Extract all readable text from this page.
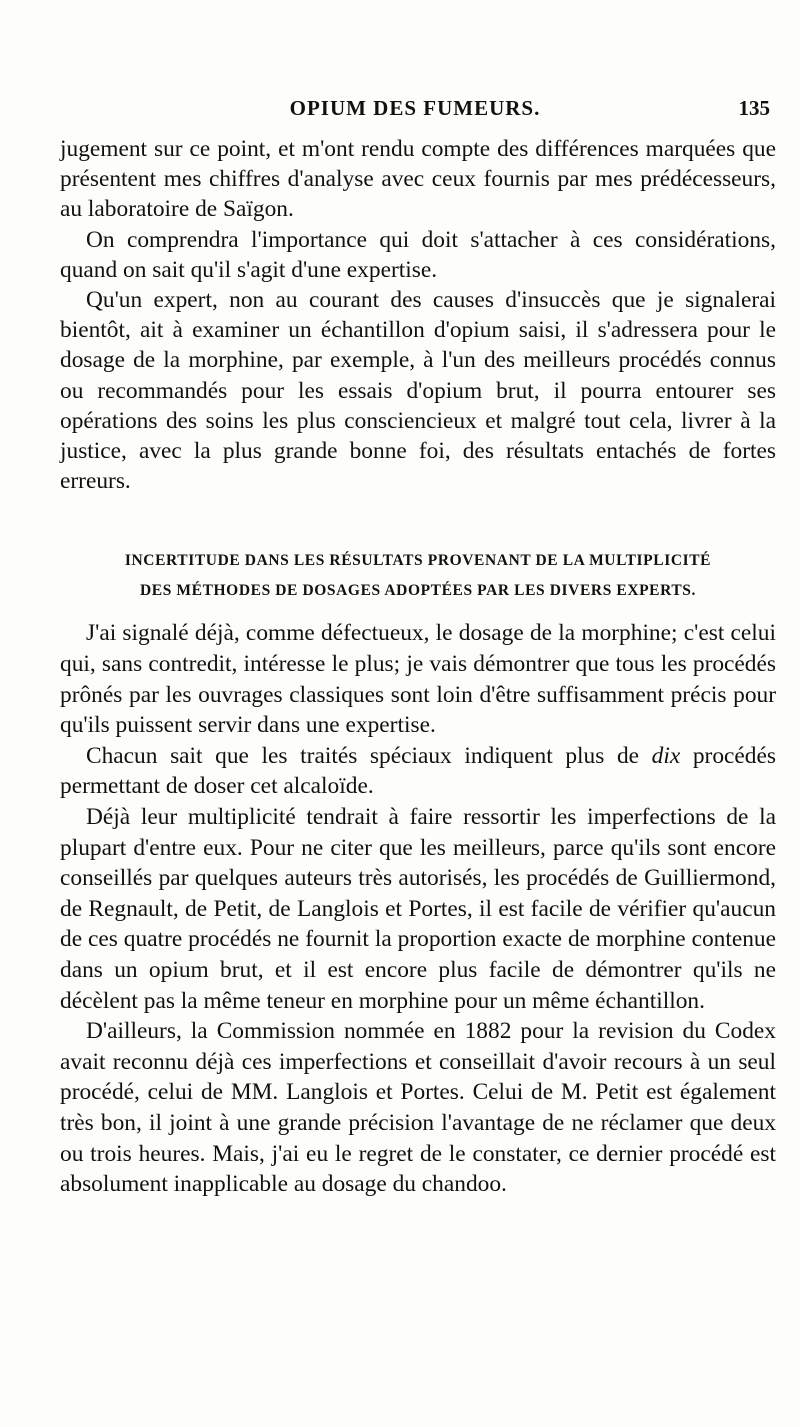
OPIUM DES FUMEURS.	135

jugement sur ce point, et m'ont rendu compte des différences marquées que présentent mes chiffres d'analyse avec ceux fournis par mes prédécesseurs, au laboratoire de Saïgon.

On comprendra l'importance qui doit s'attacher à ces considérations, quand on sait qu'il s'agit d'une expertise.

Qu'un expert, non au courant des causes d'insuccès que je signalerai bientôt, ait à examiner un échantillon d'opium saisi, il s'adressera pour le dosage de la morphine, par exemple, à l'un des meilleurs procédés connus ou recommandés pour les essais d'opium brut, il pourra entourer ses opérations des soins les plus consciencieux et malgré tout cela, livrer à la justice, avec la plus grande bonne foi, des résultats entachés de fortes erreurs.

INCERTITUDE DANS LES RÉSULTATS PROVENANT DE LA MULTIPLICITÉ
DES MÉTHODES DE DOSAGES ADOPTÉES PAR LES DIVERS EXPERTS.

J'ai signalé déjà, comme défectueux, le dosage de la morphine; c'est celui qui, sans contredit, intéresse le plus; je vais démontrer que tous les procédés prônés par les ouvrages classiques sont loin d'être suffisamment précis pour qu'ils puissent servir dans une expertise.

Chacun sait que les traités spéciaux indiquent plus de dix procédés permettant de doser cet alcaloïde.

Déjà leur multiplicité tendrait à faire ressortir les imperfections de la plupart d'entre eux. Pour ne citer que les meilleurs, parce qu'ils sont encore conseillés par quelques auteurs très autorisés, les procédés de Guilliermond, de Regnault, de Petit, de Langlois et Portes, il est facile de vérifier qu'aucun de ces quatre procédés ne fournit la proportion exacte de morphine contenue dans un opium brut, et il est encore plus facile de démontrer qu'ils ne décèlent pas la même teneur en morphine pour un même échantillon.

D'ailleurs, la Commission nommée en 1882 pour la revision du Codex avait reconnu déjà ces imperfections et conseillait d'avoir recours à un seul procédé, celui de MM. Langlois et Portes. Celui de M. Petit est également très bon, il joint à une grande précision l'avantage de ne réclamer que deux ou trois heures. Mais, j'ai eu le regret de le constater, ce dernier procédé est absolument inapplicable au dosage du chandoo.
